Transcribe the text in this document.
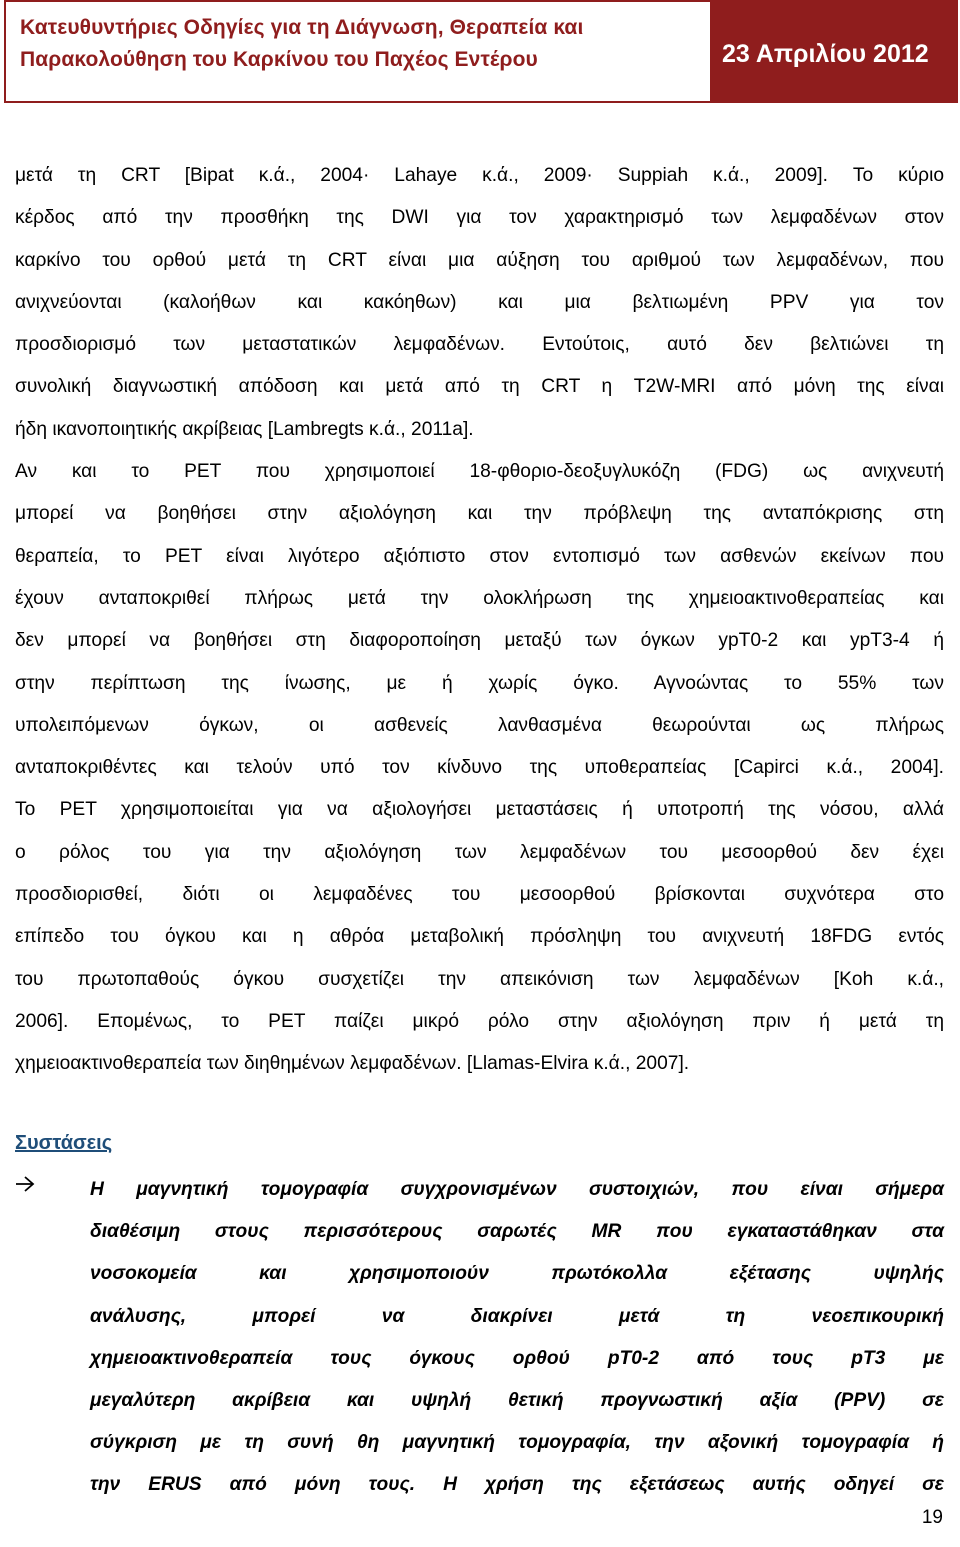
Κατευθυντήριες Οδηγίες για τη Διάγνωση, Θεραπεία και
Παρακολούθηση του Καρκίνου του Παχέος Εντέρου	23 Απριλίου 2012

μετά τη CRT [Bipat κ.ά., 2004· Lahaye κ.ά., 2009· Suppiah κ.ά., 2009]. Το κύριο
κέρδος από την προσθήκη της DWI για τον χαρακτηρισμό των λεμφαδένων στον
καρκίνο του ορθού μετά τη CRT είναι μια αύξηση του αριθμού των λεμφαδένων, που
ανιχνεύονται (καλοήθων και κακόηθων) και μια βελτιωμένη PPV για τον
προσδιορισμό των μεταστατικών λεμφαδένων. Εντούτοις, αυτό δεν βελτιώνει τη
συνολική διαγνωστική απόδοση και μετά από τη CRT η T2W-MRI από μόνη της είναι
ήδη ικανοποιητικής ακρίβειας [Lambregts κ.ά., 2011a].

Αν και το PET που χρησιμοποιεί 18-φθοριο-δεοξυγλυκόζη (FDG) ως ανιχνευτή
μπορεί να βοηθήσει στην αξιολόγηση και την πρόβλεψη της ανταπόκρισης στη
θεραπεία, το PET είναι λιγότερο αξιόπιστο στον εντοπισμό των ασθενών εκείνων που
έχουν ανταποκριθεί πλήρως μετά την ολοκλήρωση της χημειοακτινοθεραπείας και
δεν μπορεί να βοηθήσει στη διαφοροποίηση μεταξύ των όγκων ypT0-2 και ypT3-4 ή
στην περίπτωση της ίνωσης, με ή χωρίς όγκο. Αγνοώντας το 55% των
υπολειπόμενων όγκων, οι ασθενείς λανθασμένα θεωρούνται ως πλήρως
ανταποκριθέντες και τελούν υπό τον κίνδυνο της υποθεραπείας [Capirci κ.ά., 2004].
Το PET χρησιμοποιείται για να αξιολογήσει μεταστάσεις ή υποτροπή της νόσου, αλλά
ο ρόλος του για την αξιολόγηση των λεμφαδένων του μεσοορθού δεν έχει
προσδιορισθεί, διότι οι λεμφαδένες του μεσοορθού βρίσκονται συχνότερα στο
επίπεδο του όγκου και η αθρόα μεταβολική πρόσληψη του ανιχνευτή 18FDG εντός
του πρωτοπαθούς όγκου συσχετίζει την απεικόνιση των λεμφαδένων [Koh κ.ά.,
2006]. Επομένως, το PET παίζει μικρό ρόλο στην αξιολόγηση πριν ή μετά τη
χημειοακτινοθεραπεία των διηθημένων λεμφαδένων. [Llamas-Elvira κ.ά., 2007].

Συστάσεις
Η μαγνητική τομογραφία συγχρονισμένων συστοιχιών, που είναι σήμερα
διαθέσιμη στους περισσότερους σαρωτές MR που εγκαταστάθηκαν στα
νοσοκομεία και χρησιμοποιούν πρωτόκολλα εξέτασης υψηλής
ανάλυσης, μπορεί να διακρίνει μετά τη νεοεπικουρική
χημειοακτινοθεραπεία τους όγκους ορθού pT0-2 από τους pT3 με
μεγαλύτερη ακρίβεια και υψηλή θετική προγνωστική αξία (PPV) σε
σύγκριση με τη συνή θη μαγνητική τομογραφία, την αξονική τομογραφία ή
την ERUS από μόνη τους. Η χρήση της εξετάσεως αυτής οδηγεί σε
19
